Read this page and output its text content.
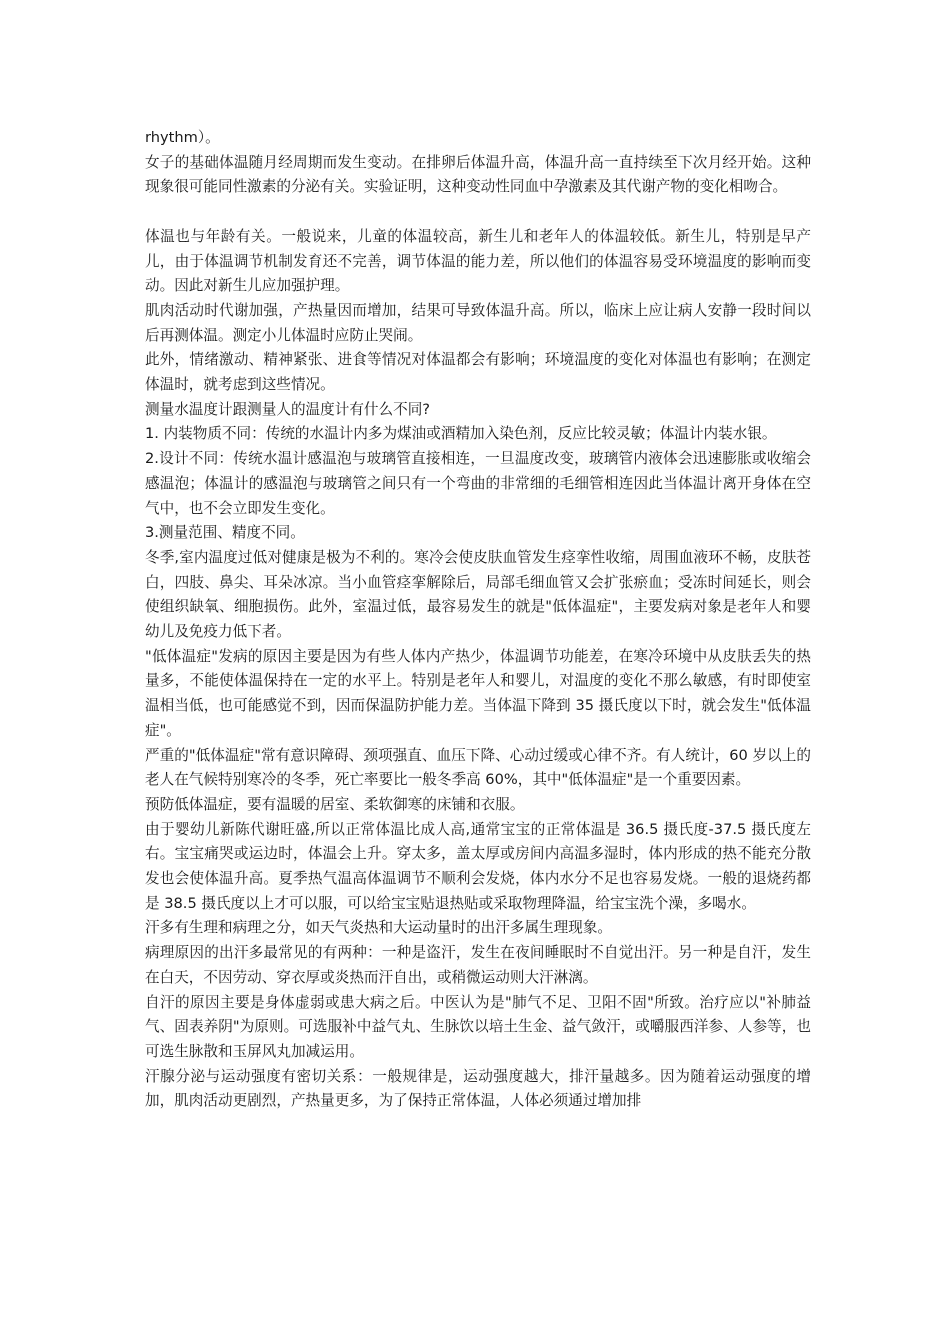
rhythm）。

女子的基础体温随月经周期而发生变动。在排卵后体温升高，体温升高一直持续至下次月经开始。这种现象很可能同性激素的分泌有关。实验证明，这种变动性同血中孕激素及其代谢产物的变化相吻合。

体温也与年龄有关。一般说来，儿童的体温较高，新生儿和老年人的体温较低。新生儿，特别是早产儿，由于体温调节机制发育还不完善，调节体温的能力差，所以他们的体温容易受环境温度的影响而变动。因此对新生儿应加强护理。

肌肉活动时代谢加强，产热量因而增加，结果可导致体温升高。所以，临床上应让病人安静一段时间以后再测体温。测定小儿体温时应防止哭闹。

此外，情绪激动、精神紧张、进食等情况对体温都会有影响；环境温度的变化对体温也有影响；在测定体温时，就考虑到这些情况。

测量水温度计跟测量人的温度计有什么不同?

1. 内装物质不同：传统的水温计内多为煤油或酒精加入染色剂，反应比较灵敏；体温计内装水银。

2.设计不同：传统水温计感温泡与玻璃管直接相连，一旦温度改变，玻璃管内液体会迅速膨胀或收缩会感温泡；体温计的感温泡与玻璃管之间只有一个弯曲的非常细的毛细管相连因此当体温计离开身体在空气中，也不会立即发生变化。

3.测量范围、精度不同。

冬季,室内温度过低对健康是极为不利的。寒冷会使皮肤血管发生痉挛性收缩，周围血液环不畅，皮肤苍白，四肢、鼻尖、耳朵冰凉。当小血管痉挛解除后，局部毛细血管又会扩张瘀血；受冻时间延长，则会使组织缺氧、细胞损伤。此外，室温过低，最容易发生的就是"低体温症"，主要发病对象是老年人和婴幼儿及免疫力低下者。

"低体温症"发病的原因主要是因为有些人体内产热少，体温调节功能差，在寒冷环境中从皮肤丢失的热量多，不能使体温保持在一定的水平上。特别是老年人和婴儿，对温度的变化不那么敏感，有时即使室温相当低，也可能感觉不到，因而保温防护能力差。当体温下降到 35 摄氏度以下时，就会发生"低体温症"。

严重的"低体温症"常有意识障碍、颈项强直、血压下降、心动过缓或心律不齐。有人统计，60 岁以上的老人在气候特别寒冷的冬季，死亡率要比一般冬季高 60%，其中"低体温症"是一个重要因素。

预防低体温症，要有温暖的居室、柔软御寒的床铺和衣服。

由于婴幼儿新陈代谢旺盛,所以正常体温比成人高,通常宝宝的正常体温是 36.5 摄氏度-37.5 摄氏度左右。宝宝痛哭或运边时，体温会上升。穿太多，盖太厚或房间内高温多湿时，体内形成的热不能充分散发也会使体温升高。夏季热气温高体温调节不顺利会发烧，体内水分不足也容易发烧。一般的退烧药都是 38.5 摄氏度以上才可以服，可以给宝宝贴退热贴或采取物理降温，给宝宝洗个澡，多喝水。

汗多有生理和病理之分，如天气炎热和大运动量时的出汗多属生理现象。

病理原因的出汗多最常见的有两种：一种是盗汗，发生在夜间睡眠时不自觉出汗。另一种是自汗，发生在白天，不因劳动、穿衣厚或炎热而汗自出，或稍微运动则大汗淋漓。

自汗的原因主要是身体虚弱或患大病之后。中医认为是"肺气不足、卫阳不固"所致。治疗应以"补肺益气、固表养阴"为原则。可选服补中益气丸、生脉饮以培土生金、益气敛汗，或嚼服西洋参、人参等，也可选生脉散和玉屏风丸加减运用。

汗腺分泌与运动强度有密切关系：一般规律是，运动强度越大，排汗量越多。因为随着运动强度的增加，肌肉活动更剧烈，产热量更多，为了保持正常体温，人体必须通过增加排
